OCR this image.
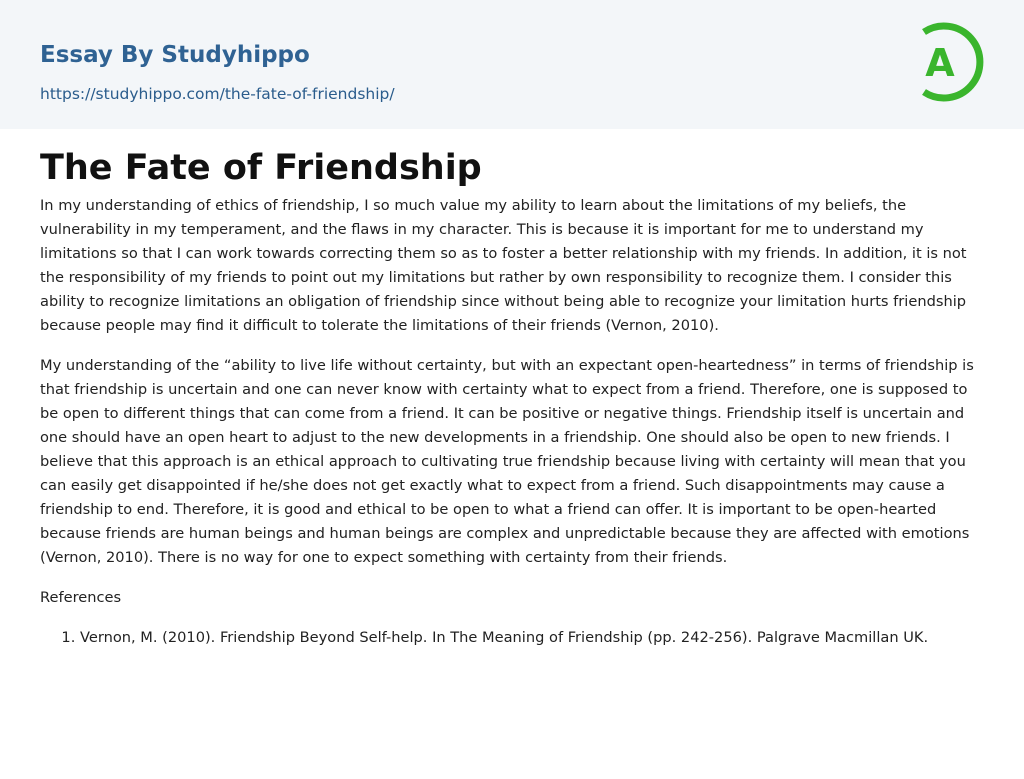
Essay By Studyhippo
https://studyhippo.com/the-fate-of-friendship/
A
The Fate of Friendship

In my understanding of ethics of friendship, I so much value my ability to learn about the limitations of my beliefs, the vulnerability in my temperament, and the flaws in my character. This is because it is important for me to understand my limitations so that I can work towards correcting them so as to foster a better relationship with my friends. In addition, it is not the responsibility of my friends to point out my limitations but rather by own responsibility to recognize them. I consider this ability to recognize limitations an obligation of friendship since without being able to recognize your limitation hurts friendship because people may find it difficult to tolerate the limitations of their friends (Vernon, 2010).

My understanding of the “ability to live life without certainty, but with an expectant open-heartedness” in terms of friendship is that friendship is uncertain and one can never know with certainty what to expect from a friend. Therefore, one is supposed to be open to different things that can come from a friend. It can be positive or negative things. Friendship itself is uncertain and one should have an open heart to adjust to the new developments in a friendship. One should also be open to new friends. I believe that this approach is an ethical approach to cultivating true friendship because living with certainty will mean that you can easily get disappointed if he/she does not get exactly what to expect from a friend. Such disappointments may cause a friendship to end. Therefore, it is good and ethical to be open to what a friend can offer. It is important to be open-hearted because friends are human beings and human beings are complex and unpredictable because they are affected with emotions (Vernon, 2010). There is no way for one to expect something with certainty from their friends.

References

1. Vernon, M. (2010). Friendship Beyond Self-help. In The Meaning of Friendship (pp. 242-256). Palgrave Macmillan UK.
